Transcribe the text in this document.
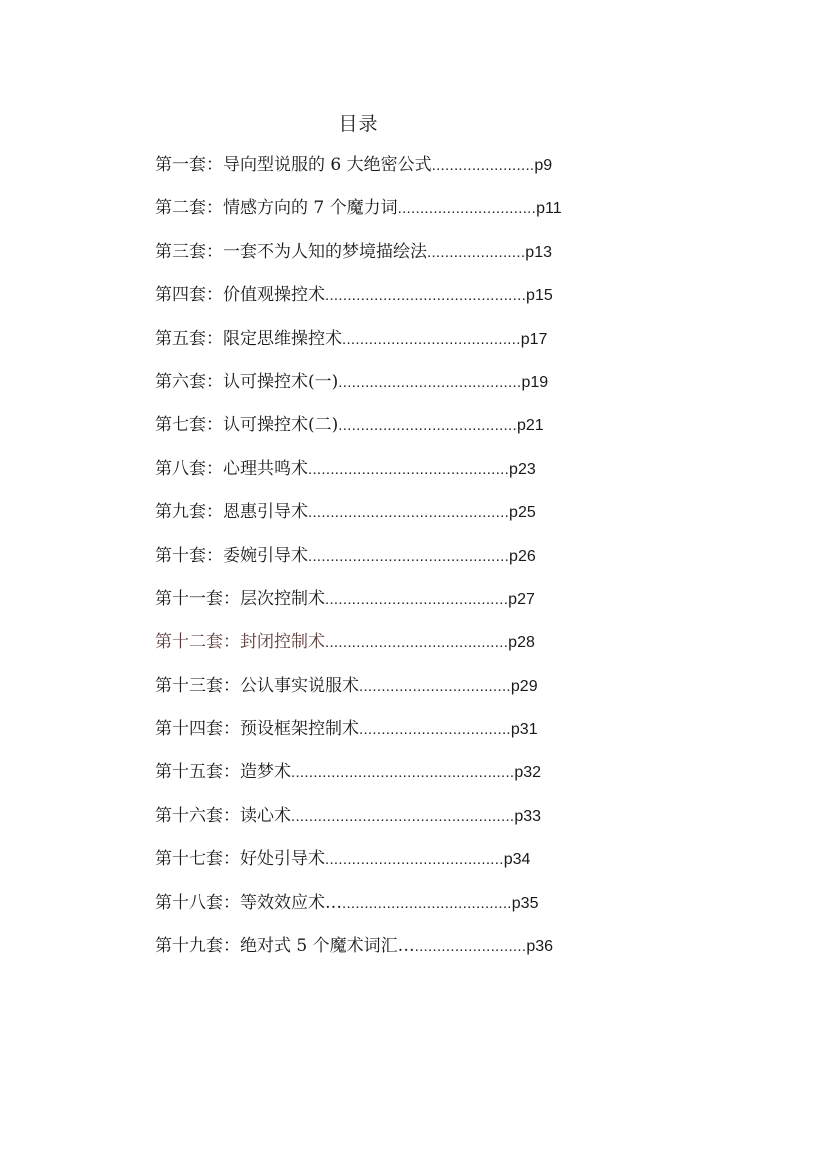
目录
第一套：导向型说服的 6 大绝密公式.......................p9
第二套：情感方向的 7 个魔力词...............................p11
第三套：一套不为人知的梦境描绘法......................p13
第四套：价值观操控术.............................................p15
第五套：限定思维操控术........................................p17
第六套：认可操控术(一).........................................p19
第七套：认可操控术(二)........................................p21
第八套：心理共鸣术.............................................p23
第九套：恩惠引导术.............................................p25
第十套：委婉引导术.............................................p26
第十一套：层次控制术.........................................p27
第十二套：封闭控制术.........................................p28
第十三套：公认事实说服术..................................p29
第十四套：预设框架控制术..................................p31
第十五套：造梦术..................................................p32
第十六套：读心术..................................................p33
第十七套：好处引导术........................................p34
第十八套：等效效应术…......................................p35
第十九套：绝对式 5 个魔术词汇….........................p36
